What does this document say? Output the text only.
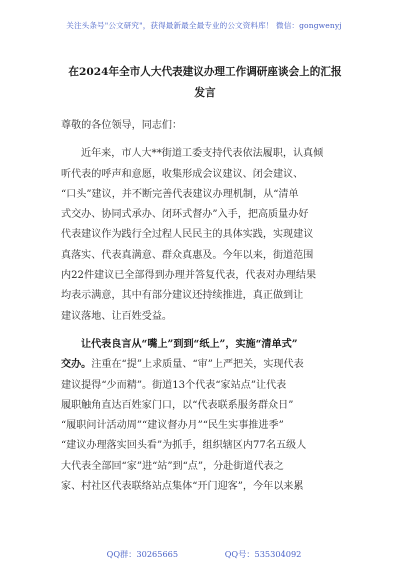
关注头条号"公文研究"，获得最新最全最专业的公文资料库！ 微信：gongwenyj
在2024年全市人大代表建议办理工作调研座谈会上的汇报
发言
尊敬的各位领导，同志们：
近年来，市人大**街道工委支持代表依法履职，认真倾
听代表的呼声和意愿，收集形成会议建议、闭会建议、
“口头”建议，并不断完善代表建议办理机制，从“清单
式交办、协同式承办、闭环式督办”入手，把高质量办好
代表建议作为践行全过程人民民主的具体实践，实现建议
真落实、代表真满意、群众真惠及。今年以来，街道范围
内22件建议已全部得到办理并答复代表，代表对办理结果
均表示满意，其中有部分建议还持续推进，真正做到让
建议落地、让百姓受益。
让代表良言从“嘴上”到到“纸上”，实施“清单式”
交办。注重在“提”上求质量、“审”上严把关，实现代表
建议提得“少而精”。街道13个代表“家站点”让代表
履职触角直达百姓家门口，以“代表联系服务群众日”
“履职问计活动周”“建议督办月”“民生实事推进季”
“建议办理落实回头看”为抓手，组织辖区内77名五级人
大代表全部回“家”进“站”到“点”，分赴街道代表之
家、村社区代表联络站点集体“开门迎客”，今年以来累
QQ群：30265665	QQ号：535304092
